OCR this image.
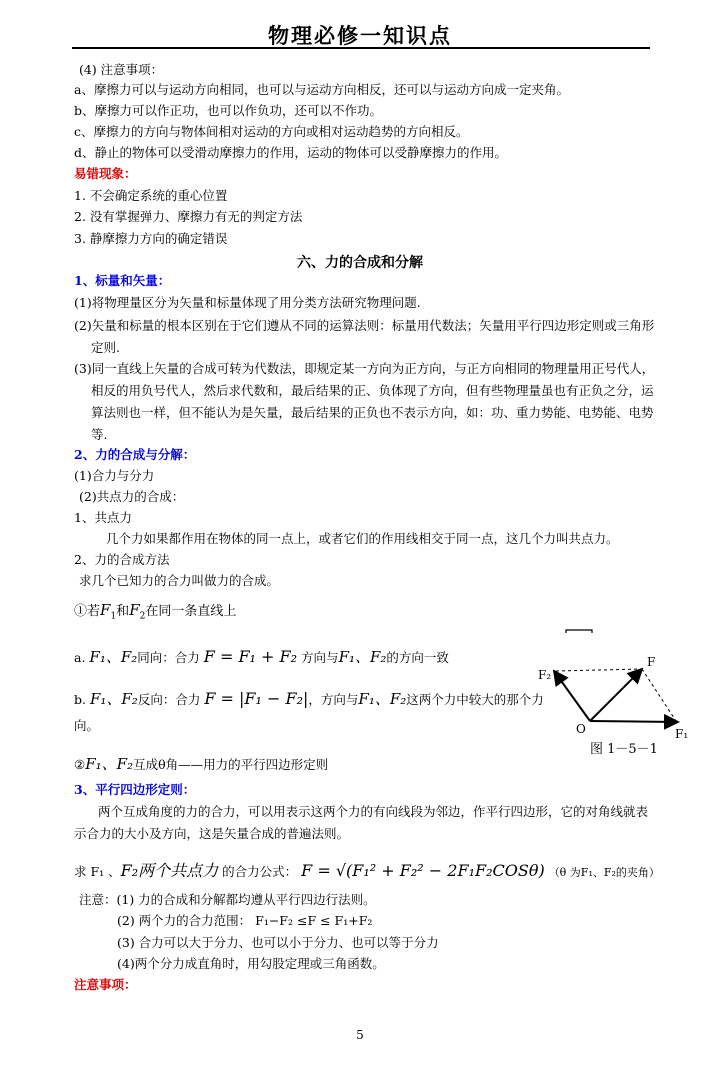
物理必修一知识点
(4) 注意事项：
a、摩擦力可以与运动方向相同，也可以与运动方向相反，还可以与运动方向成一定夹角。
b、摩擦力可以作正功，也可以作负功，还可以不作功。
c、摩擦力的方向与物体间相对运动的方向或相对运动趋势的方向相反。
d、静止的物体可以受滑动摩擦力的作用，运动的物体可以受静摩擦力的作用。
易错现象：
1. 不会确定系统的重心位置
2. 没有掌握弹力、摩擦力有无的判定方法
3. 静摩擦力方向的确定错误
六、力的合成和分解
1、标量和矢量：
(1)将物理量区分为矢量和标量体现了用分类方法研究物理问题.
(2)矢量和标量的根本区别在于它们遵从不同的运算法则：标量用代数法；矢量用平行四边形定则或三角形
定则.
(3)同一直线上矢量的合成可转为代数法，即规定某一方向为正方向，与正方向相同的物理量用正号代人，
相反的用负号代人，然后求代数和，最后结果的正、负体现了方向，但有些物理量虽也有正负之分，运
算法则也一样，但不能认为是矢量，最后结果的正负也不表示方向，如：功、重力势能、电势能、电势
等.
2、力的合成与分解：
(1)合力与分力
(2)共点力的合成：
1、共点力
几个力如果都作用在物体的同一点上，或者它们的作用线相交于同一点，这几个力叫共点力。
2、力的合成方法
求几个已知力的合力叫做力的合成。
①若$F_1$和$F_2$在同一条直线上
a. F₁、F₂同向：合力 F = F₁ + F₂ 方向与F₁、F₂的方向一致
b. F₁、F₂反向：合力 F = |F₁ − F₂|，方向与F₁、F₂这两个力中较大的那个力
向。
②F₁、F₂互成θ角——用力的平行四边形定则
F₂
F
O	F₁
图 1－5－1
3、平行四边形定则：
两个互成角度的力的合力，可以用表示这两个力的有向线段为邻边，作平行四边形，它的对角线就表
示合力的大小及方向，这是矢量合成的普遍法则。
求 F₁ 、F₂两个共点力 的合力公式： F = √(F₁² + F₂² − 2F₁F₂COSθ) （θ 为F₁、F₂的夹角）
注意：(1) 力的合成和分解都均遵从平行四边行法则。
(2) 两个力的合力范围： F₁−F₂ ≤F ≤ F₁+F₂
(3) 合力可以大于分力、也可以小于分力、也可以等于分力
(4)两个分力成直角时，用勾股定理或三角函数。
注意事项：
5
